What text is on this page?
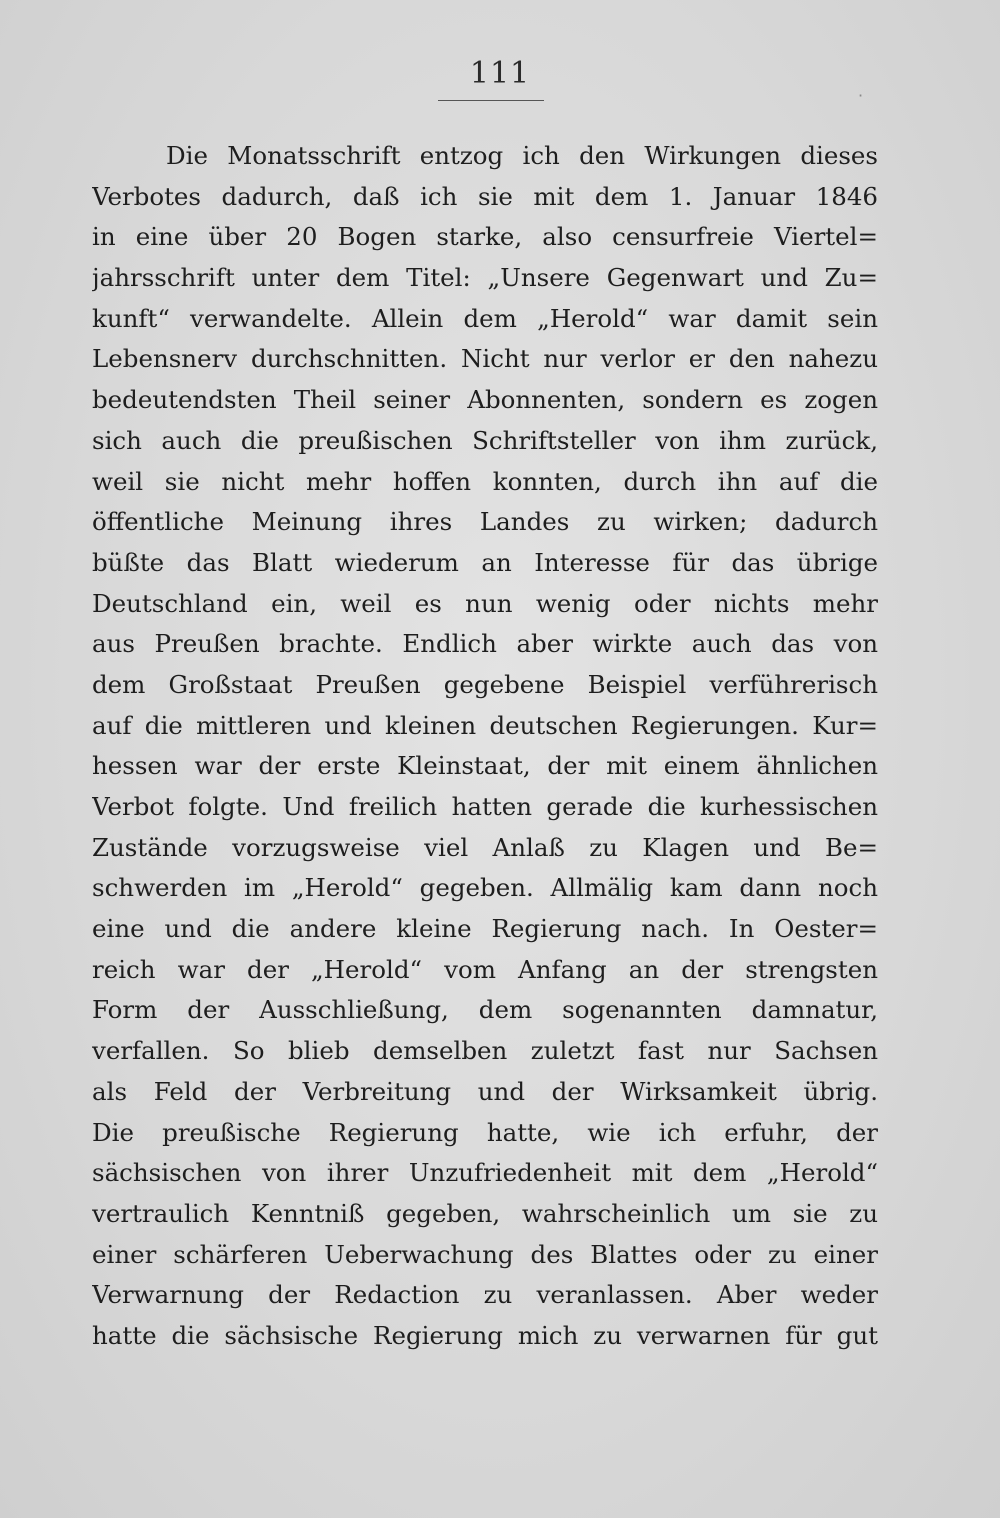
111
·
Die Monatsschrift entzog ich den Wirkungen dieses
Verbotes dadurch, daß ich sie mit dem 1. Januar 1846
in eine über 20 Bogen starke, also censurfreie Viertel=
jahrsschrift unter dem Titel: „Unsere Gegenwart und Zu=
kunft“ verwandelte. Allein dem „Herold“ war damit sein
Lebensnerv durchschnitten. Nicht nur verlor er den nahezu
bedeutendsten Theil seiner Abonnenten, sondern es zogen
sich auch die preußischen Schriftsteller von ihm zurück,
weil sie nicht mehr hoffen konnten, durch ihn auf die
öffentliche Meinung ihres Landes zu wirken; dadurch
büßte das Blatt wiederum an Interesse für das übrige
Deutschland ein, weil es nun wenig oder nichts mehr
aus Preußen brachte. Endlich aber wirkte auch das von
dem Großstaat Preußen gegebene Beispiel verführerisch
auf die mittleren und kleinen deutschen Regierungen. Kur=
hessen war der erste Kleinstaat, der mit einem ähnlichen
Verbot folgte. Und freilich hatten gerade die kurhessischen
Zustände vorzugsweise viel Anlaß zu Klagen und Be=
schwerden im „Herold“ gegeben. Allmälig kam dann noch
eine und die andere kleine Regierung nach. In Oester=
reich war der „Herold“ vom Anfang an der strengsten
Form der Ausschließung, dem sogenannten damnatur,
verfallen. So blieb demselben zuletzt fast nur Sachsen
als Feld der Verbreitung und der Wirksamkeit übrig.
Die preußische Regierung hatte, wie ich erfuhr, der
sächsischen von ihrer Unzufriedenheit mit dem „Herold“
vertraulich Kenntniß gegeben, wahrscheinlich um sie zu
einer schärferen Ueberwachung des Blattes oder zu einer
Verwarnung der Redaction zu veranlassen. Aber weder
hatte die sächsische Regierung mich zu verwarnen für gut
